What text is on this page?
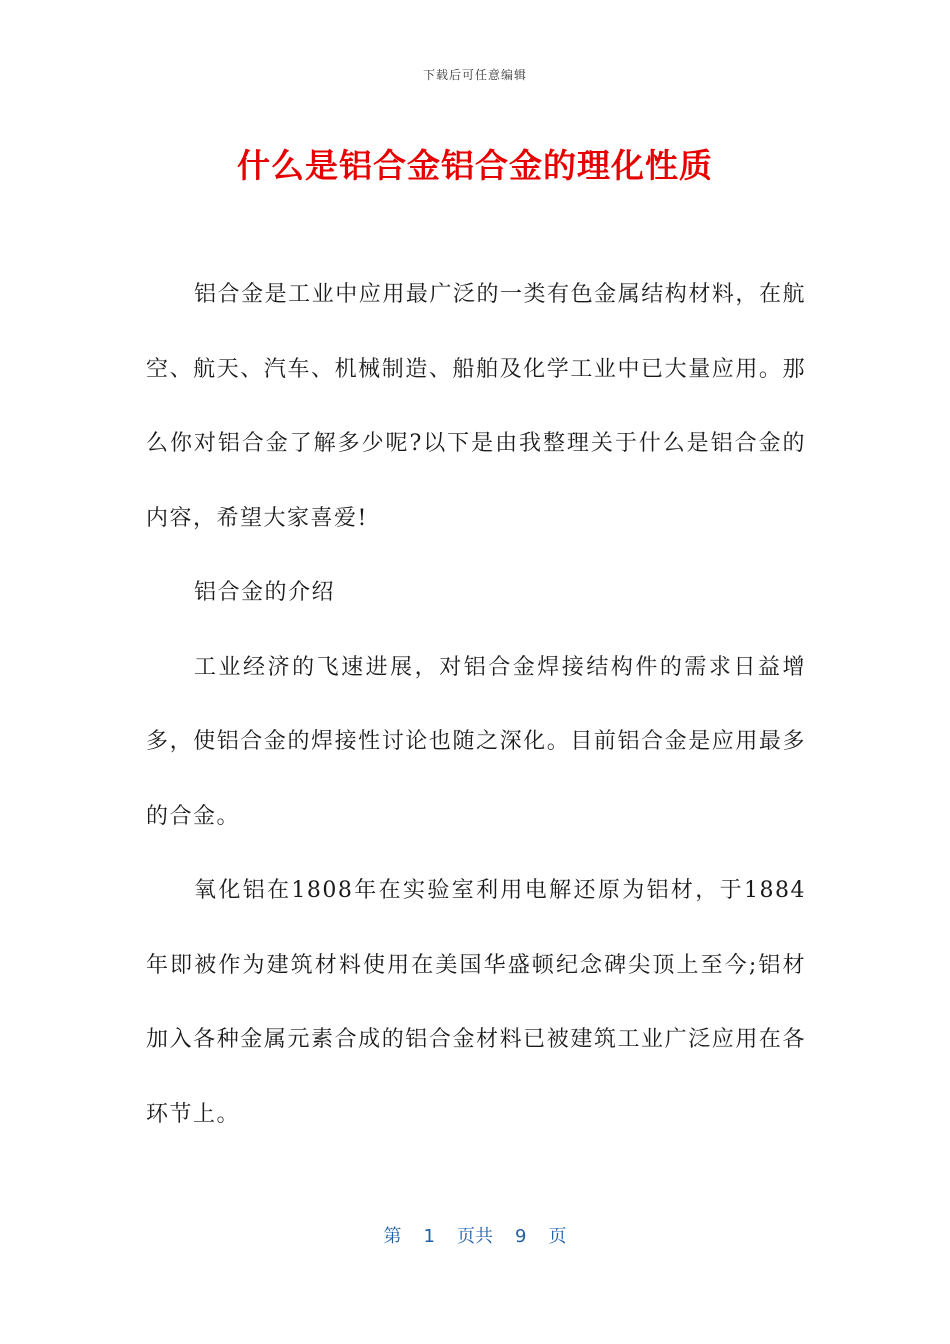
下载后可任意编辑
什么是铝合金铝合金的理化性质

铝合金是工业中应用最广泛的一类有色金属结构材料，在航空、航天、汽车、机械制造、船舶及化学工业中已大量应用。那么你对铝合金了解多少呢?以下是由我整理关于什么是铝合金的内容，希望大家喜爱!

铝合金的介绍

工业经济的飞速进展，对铝合金焊接结构件的需求日益增多，使铝合金的焊接性讨论也随之深化。目前铝合金是应用最多的合金。

氧化铝在1808年在实验室利用电解还原为铝材，于1884年即被作为建筑材料使用在美国华盛顿纪念碑尖顶上至今;铝材加入各种金属元素合成的铝合金材料已被建筑工业广泛应用在各环节上。

第 1 页共 9 页
